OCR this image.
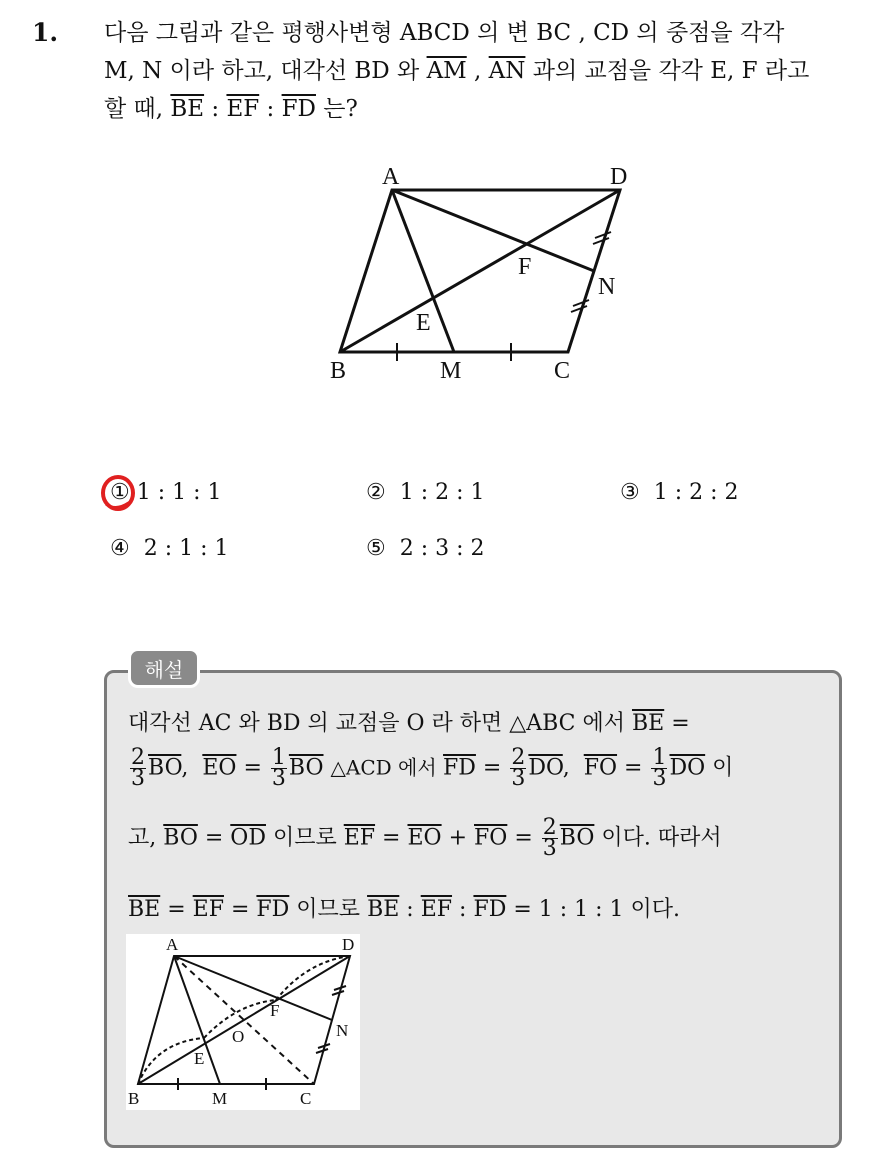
1. 다음 그림과 같은 평행사변형 ABCD 의 변 BC , CD 의 중점을 각각
M, N 이라 하고, 대각선 BD 와 $\overline{AM}$ , $\overline{AN}$ 과의 교점을 각각 E, F 라고
할 때, $\overline{BE}$ : $\overline{EF}$ : $\overline{FD}$ 는?
A	D
B	M	C
E
F
N
① 1 : 1 : 1	② 1 : 2 : 1	③ 1 : 2 : 2
④ 2 : 1 : 1	⑤ 2 : 3 : 2
해설
대각선 AC 와 BD 의 교점을 O 라 하면 △ABC 에서 $\overline{BE}$ =
$\frac{2}{3} \overline{BO}$, $\overline{EO} = \frac{1}{3} \overline{BO}$ △ACD 에서 $\overline{FD} = \frac{2}{3} \overline{DO}$,  $\overline{FO} = \frac{1}{3} \overline{DO}$ 이
고, $\overline{BO} = \overline{OD}$ 이므로 $\overline{EF} = \overline{EO} + \overline{FO} = \frac{2}{3} \overline{BO}$ 이다. 따라서
$\overline{BE} = \overline{EF} = \overline{FD}$ 이므로 $\overline{BE}$ : $\overline{EF}$ : $\overline{FD} = 1$ : 1 : 1 이다.
A	D
B	M	C
E
F
N
O
